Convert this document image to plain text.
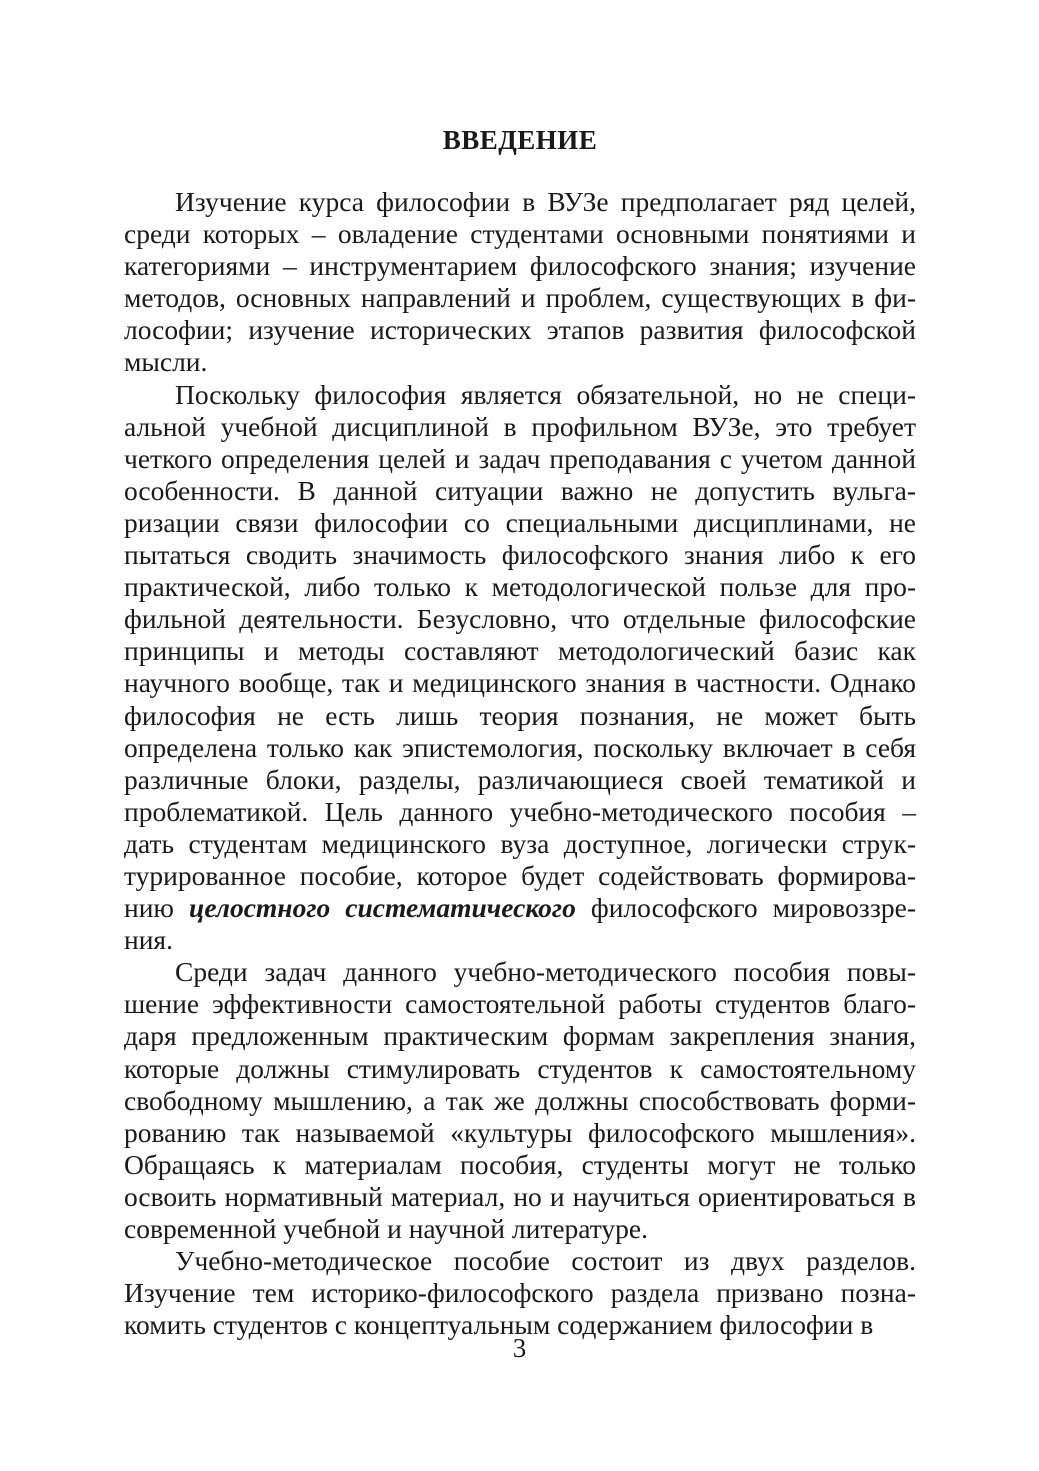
ВВЕДЕНИЕ

Изучение курса философии в ВУЗе предполагает ряд целей, среди которых – овладение студентами основными понятиями и категориями – инструментарием философского знания; изучение методов, основных направлений и проблем, существующих в философии; изучение исторических этапов развития философской мысли.

Поскольку философия является обязательной, но не специальной учебной дисциплиной в профильном ВУЗе, это требует четкого определения целей и задач преподавания с учетом данной особенности. В данной ситуации важно не допустить вульгаризации связи философии со специальными дисциплинами, не пытаться сводить значимость философского знания либо к его практической, либо только к методологической пользе для профильной деятельности. Безусловно, что отдельные философские принципы и методы составляют методологический базис как научного вообще, так и медицинского знания в частности. Однако философия не есть лишь теория познания, не может быть определена только как эпистемология, поскольку включает в себя различные блоки, разделы, различающиеся своей тематикой и проблематикой. Цель данного учебно-методического пособия – дать студентам медицинского вуза доступное, логически структурированное пособие, которое будет содействовать формированию целостного систематического философского мировоззрения.

Среди задач данного учебно-методического пособия повышение эффективности самостоятельной работы студентов благодаря предложенным практическим формам закрепления знания, которые должны стимулировать студентов к самостоятельному свободному мышлению, а так же должны способствовать формированию так называемой «культуры философского мышления». Обращаясь к материалам пособия, студенты могут не только освоить нормативный материал, но и научиться ориентироваться в современной учебной и научной литературе.

Учебно-методическое пособие состоит из двух разделов. Изучение тем историко-философского раздела призвано познакомить студентов с концептуальным содержанием философии в

3
